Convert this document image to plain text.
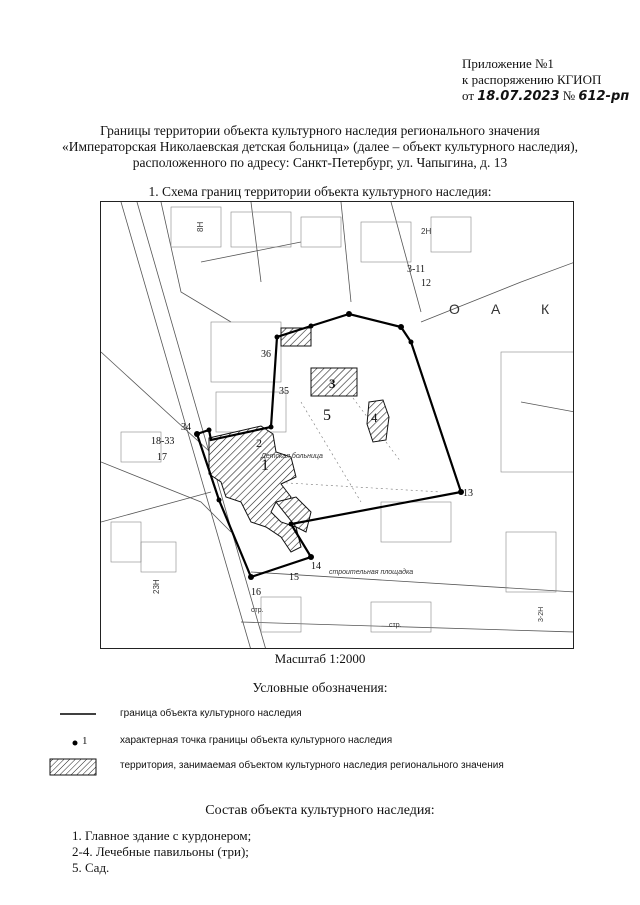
Приложение №1
к распоряжению КГИОП
от 18.07.2023 № 612-рп
Границы территории объекта культурного наследия регионального значения
«Императорская Николаевская детская больница» (далее – объект культурного наследия),
расположенного по адресу: Санкт-Петербург, ул. Чапыгина, д. 13
1. Схема границ территории объекта культурного наследия:
34
18-33
17
36
35
3-11
12
13
14
15
16
1
2
3
4
5
О А	К
Детская больница
строительная площадка
3-2Н
стр.
стр.
2Н
8Н
23Н
Масштаб 1:2000
Условные обозначения:
граница объекта культурного наследия
1	характерная точка границы объекта культурного наследия
территория, занимаемая объектом культурного наследия регионального значения
Состав объекта культурного наследия:
1. Главное здание с курдонером;
2-4. Лечебные павильоны (три);
5. Сад.
